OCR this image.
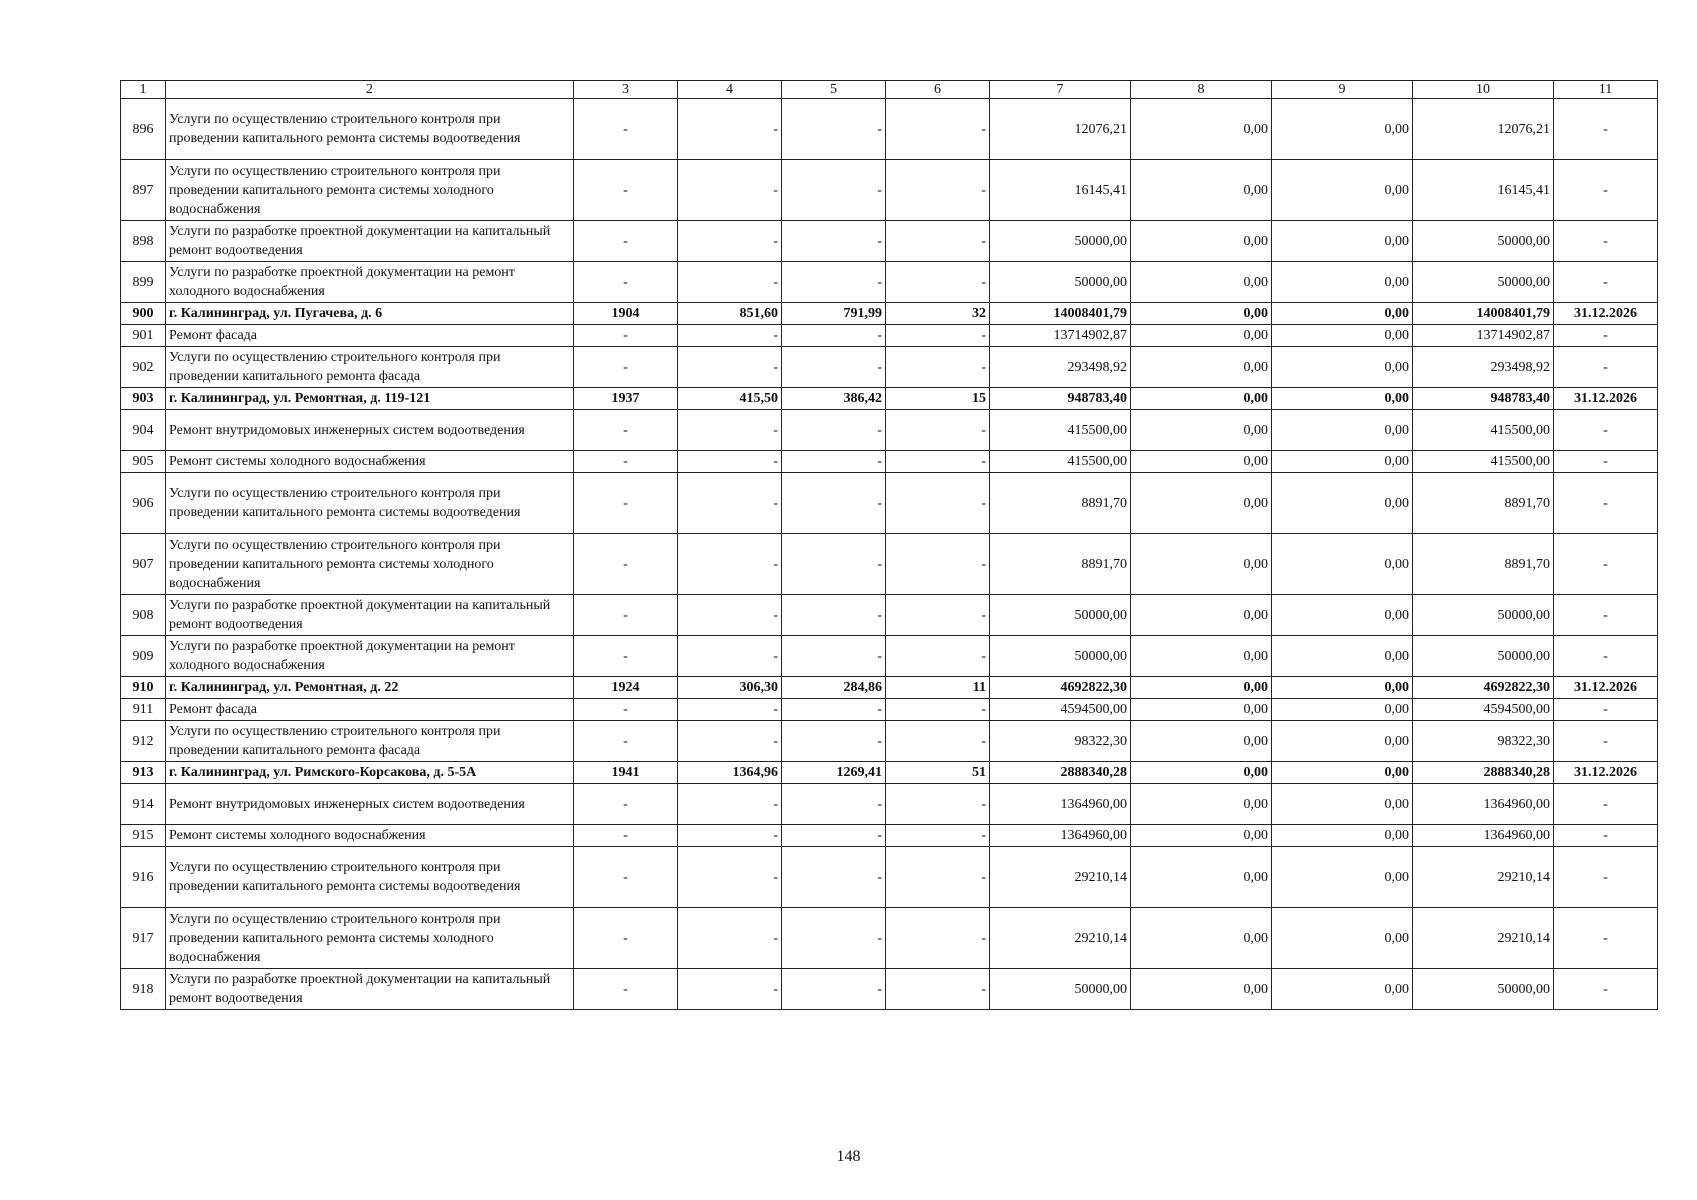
1	2	3	4	5	6	7	8	9	10	11
896	Услуги по осуществлению строительного контроля при проведении капитального ремонта системы водоотведения	-	-	-	-	12076,21	0,00	0,00	12076,21	-
897	Услуги по осуществлению строительного контроля при проведении капитального ремонта системы холодного водоснабжения	-	-	-	-	16145,41	0,00	0,00	16145,41	-
898	Услуги по разработке проектной документации на капитальный ремонт водоотведения	-	-	-	-	50000,00	0,00	0,00	50000,00	-
899	Услуги по разработке проектной документации на ремонт холодного водоснабжения	-	-	-	-	50000,00	0,00	0,00	50000,00	-
900	г. Калининград, ул. Пугачева, д. 6	1904	851,60	791,99	32	14008401,79	0,00	0,00	14008401,79	31.12.2026
901	Ремонт фасада	-	-	-	-	13714902,87	0,00	0,00	13714902,87	-
902	Услуги по осуществлению строительного контроля при проведении капитального ремонта фасада	-	-	-	-	293498,92	0,00	0,00	293498,92	-
903	г. Калининград, ул. Ремонтная, д. 119-121	1937	415,50	386,42	15	948783,40	0,00	0,00	948783,40	31.12.2026
904	Ремонт внутридомовых инженерных систем водоотведения	-	-	-	-	415500,00	0,00	0,00	415500,00	-
905	Ремонт системы холодного водоснабжения	-	-	-	-	415500,00	0,00	0,00	415500,00	-
906	Услуги по осуществлению строительного контроля при проведении капитального ремонта системы водоотведения	-	-	-	-	8891,70	0,00	0,00	8891,70	-
907	Услуги по осуществлению строительного контроля при проведении капитального ремонта системы холодного водоснабжения	-	-	-	-	8891,70	0,00	0,00	8891,70	-
908	Услуги по разработке проектной документации на капитальный ремонт водоотведения	-	-	-	-	50000,00	0,00	0,00	50000,00	-
909	Услуги по разработке проектной документации на ремонт холодного водоснабжения	-	-	-	-	50000,00	0,00	0,00	50000,00	-
910	г. Калининград, ул. Ремонтная, д. 22	1924	306,30	284,86	11	4692822,30	0,00	0,00	4692822,30	31.12.2026
911	Ремонт фасада	-	-	-	-	4594500,00	0,00	0,00	4594500,00	-
912	Услуги по осуществлению строительного контроля при проведении капитального ремонта фасада	-	-	-	-	98322,30	0,00	0,00	98322,30	-
913	г. Калининград, ул. Римского-Корсакова, д. 5-5А	1941	1364,96	1269,41	51	2888340,28	0,00	0,00	2888340,28	31.12.2026
914	Ремонт внутридомовых инженерных систем водоотведения	-	-	-	-	1364960,00	0,00	0,00	1364960,00	-
915	Ремонт системы холодного водоснабжения	-	-	-	-	1364960,00	0,00	0,00	1364960,00	-
916	Услуги по осуществлению строительного контроля при проведении капитального ремонта системы водоотведения	-	-	-	-	29210,14	0,00	0,00	29210,14	-
917	Услуги по осуществлению строительного контроля при проведении капитального ремонта системы холодного водоснабжения	-	-	-	-	29210,14	0,00	0,00	29210,14	-
918	Услуги по разработке проектной документации на капитальный ремонт водоотведения	-	-	-	-	50000,00	0,00	0,00	50000,00	-
148
